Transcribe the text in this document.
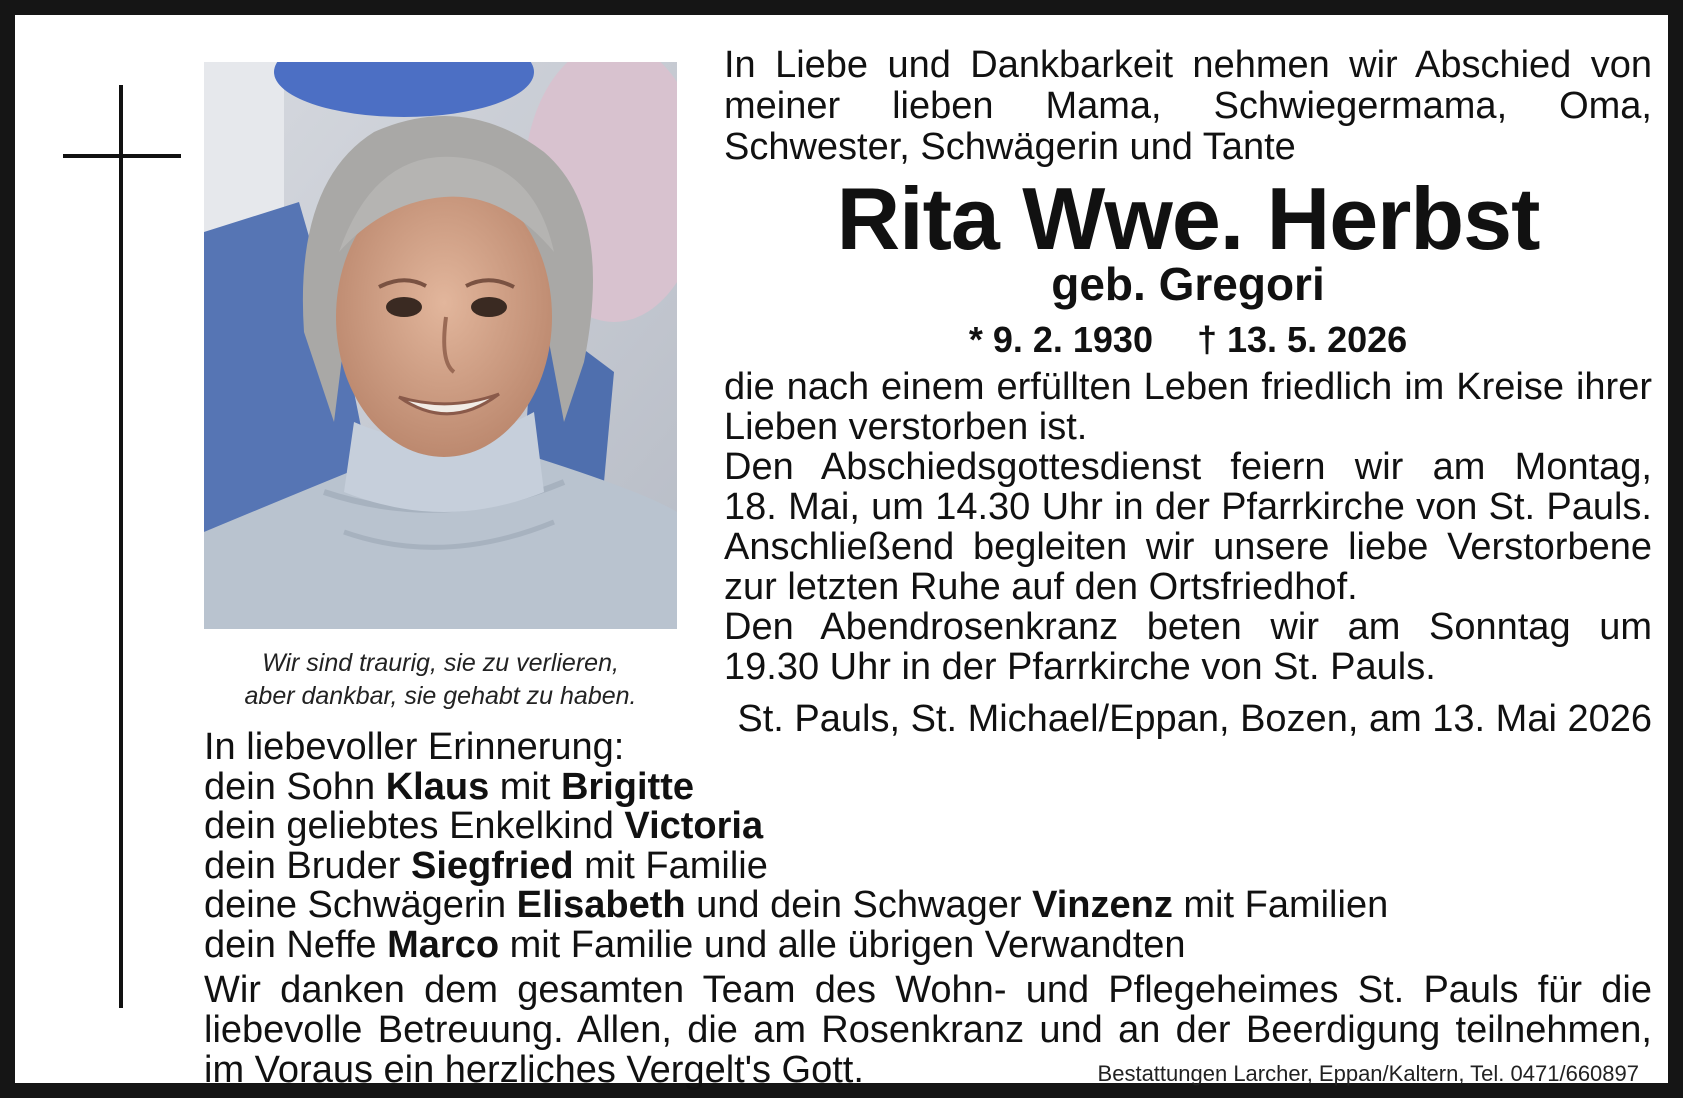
Wir sind traurig, sie zu verlieren,
aber dankbar, sie gehabt zu haben.
In Liebe und Dankbarkeit nehmen wir Abschied von
meiner lieben Mama, Schwiegermama, Oma,
Schwester, Schwägerin und Tante
Rita Wwe. Herbst
geb. Gregori
* 9. 2. 1930 † 13. 5. 2026
die nach einem erfüllten Leben friedlich im Kreise ihrer
Lieben verstorben ist.
Den Abschiedsgottesdienst feiern wir am Montag,
18. Mai, um 14.30 Uhr in der Pfarrkirche von St. Pauls.
Anschließend begleiten wir unsere liebe Verstorbene
zur letzten Ruhe auf den Ortsfriedhof.
Den Abendrosenkranz beten wir am Sonntag um
19.30 Uhr in der Pfarrkirche von St. Pauls.
St. Pauls, St. Michael/Eppan, Bozen, am 13. Mai 2026
In liebevoller Erinnerung:
dein Sohn Klaus mit Brigitte
dein geliebtes Enkelkind Victoria
dein Bruder Siegfried mit Familie
deine Schwägerin Elisabeth und dein Schwager Vinzenz mit Familien
dein Neffe Marco mit Familie und alle übrigen Verwandten
Wir danken dem gesamten Team des Wohn- und Pflegeheimes St. Pauls für die
liebevolle Betreuung. Allen, die am Rosenkranz und an der Beerdigung teilnehmen,
im Voraus ein herzliches Vergelt's Gott.	Bestattungen Larcher, Eppan/Kaltern, Tel. 0471/660897
